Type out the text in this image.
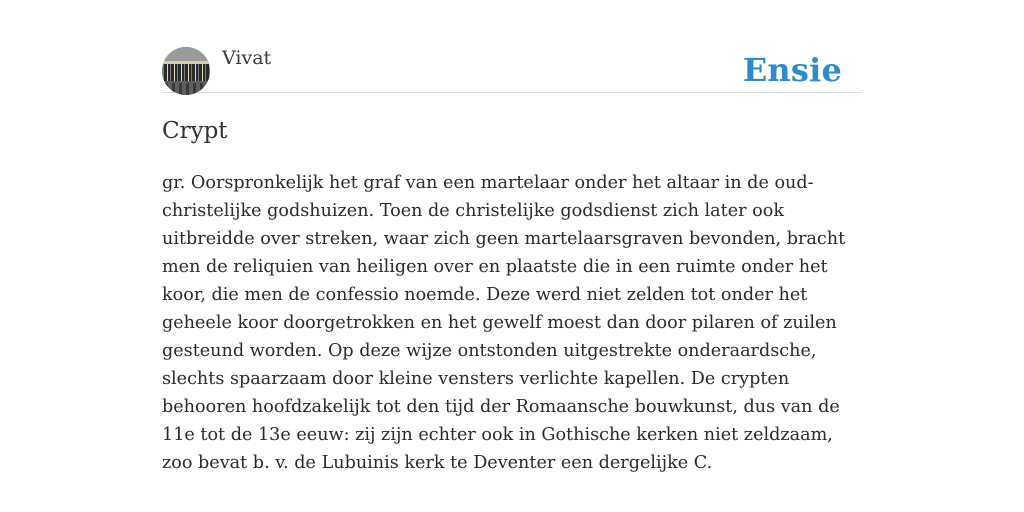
Vivat	Ensie
Crypt

gr. Oorspronkelijk het graf van een martelaar onder het altaar in de oud-christelijke godshuizen. Toen de christelijke godsdienst zich later ook uitbreidde over streken, waar zich geen martelaarsgraven bevonden, bracht men de reliquien van heiligen over en plaatste die in een ruimte onder het koor, die men de confessio noemde. Deze werd niet zelden tot onder het geheele koor doorgetrokken en het gewelf moest dan door pilaren of zuilen gesteund worden. Op deze wijze ontstonden uitgestrekte onderaardsche, slechts spaarzaam door kleine vensters verlichte kapellen. De crypten behooren hoofdzakelijk tot den tijd der Romaansche bouwkunst, dus van de 11e tot de 13e eeuw: zij zijn echter ook in Gothische kerken niet zeldzaam, zoo bevat b. v. de Lubuinis kerk te Deventer een dergelijke C.
